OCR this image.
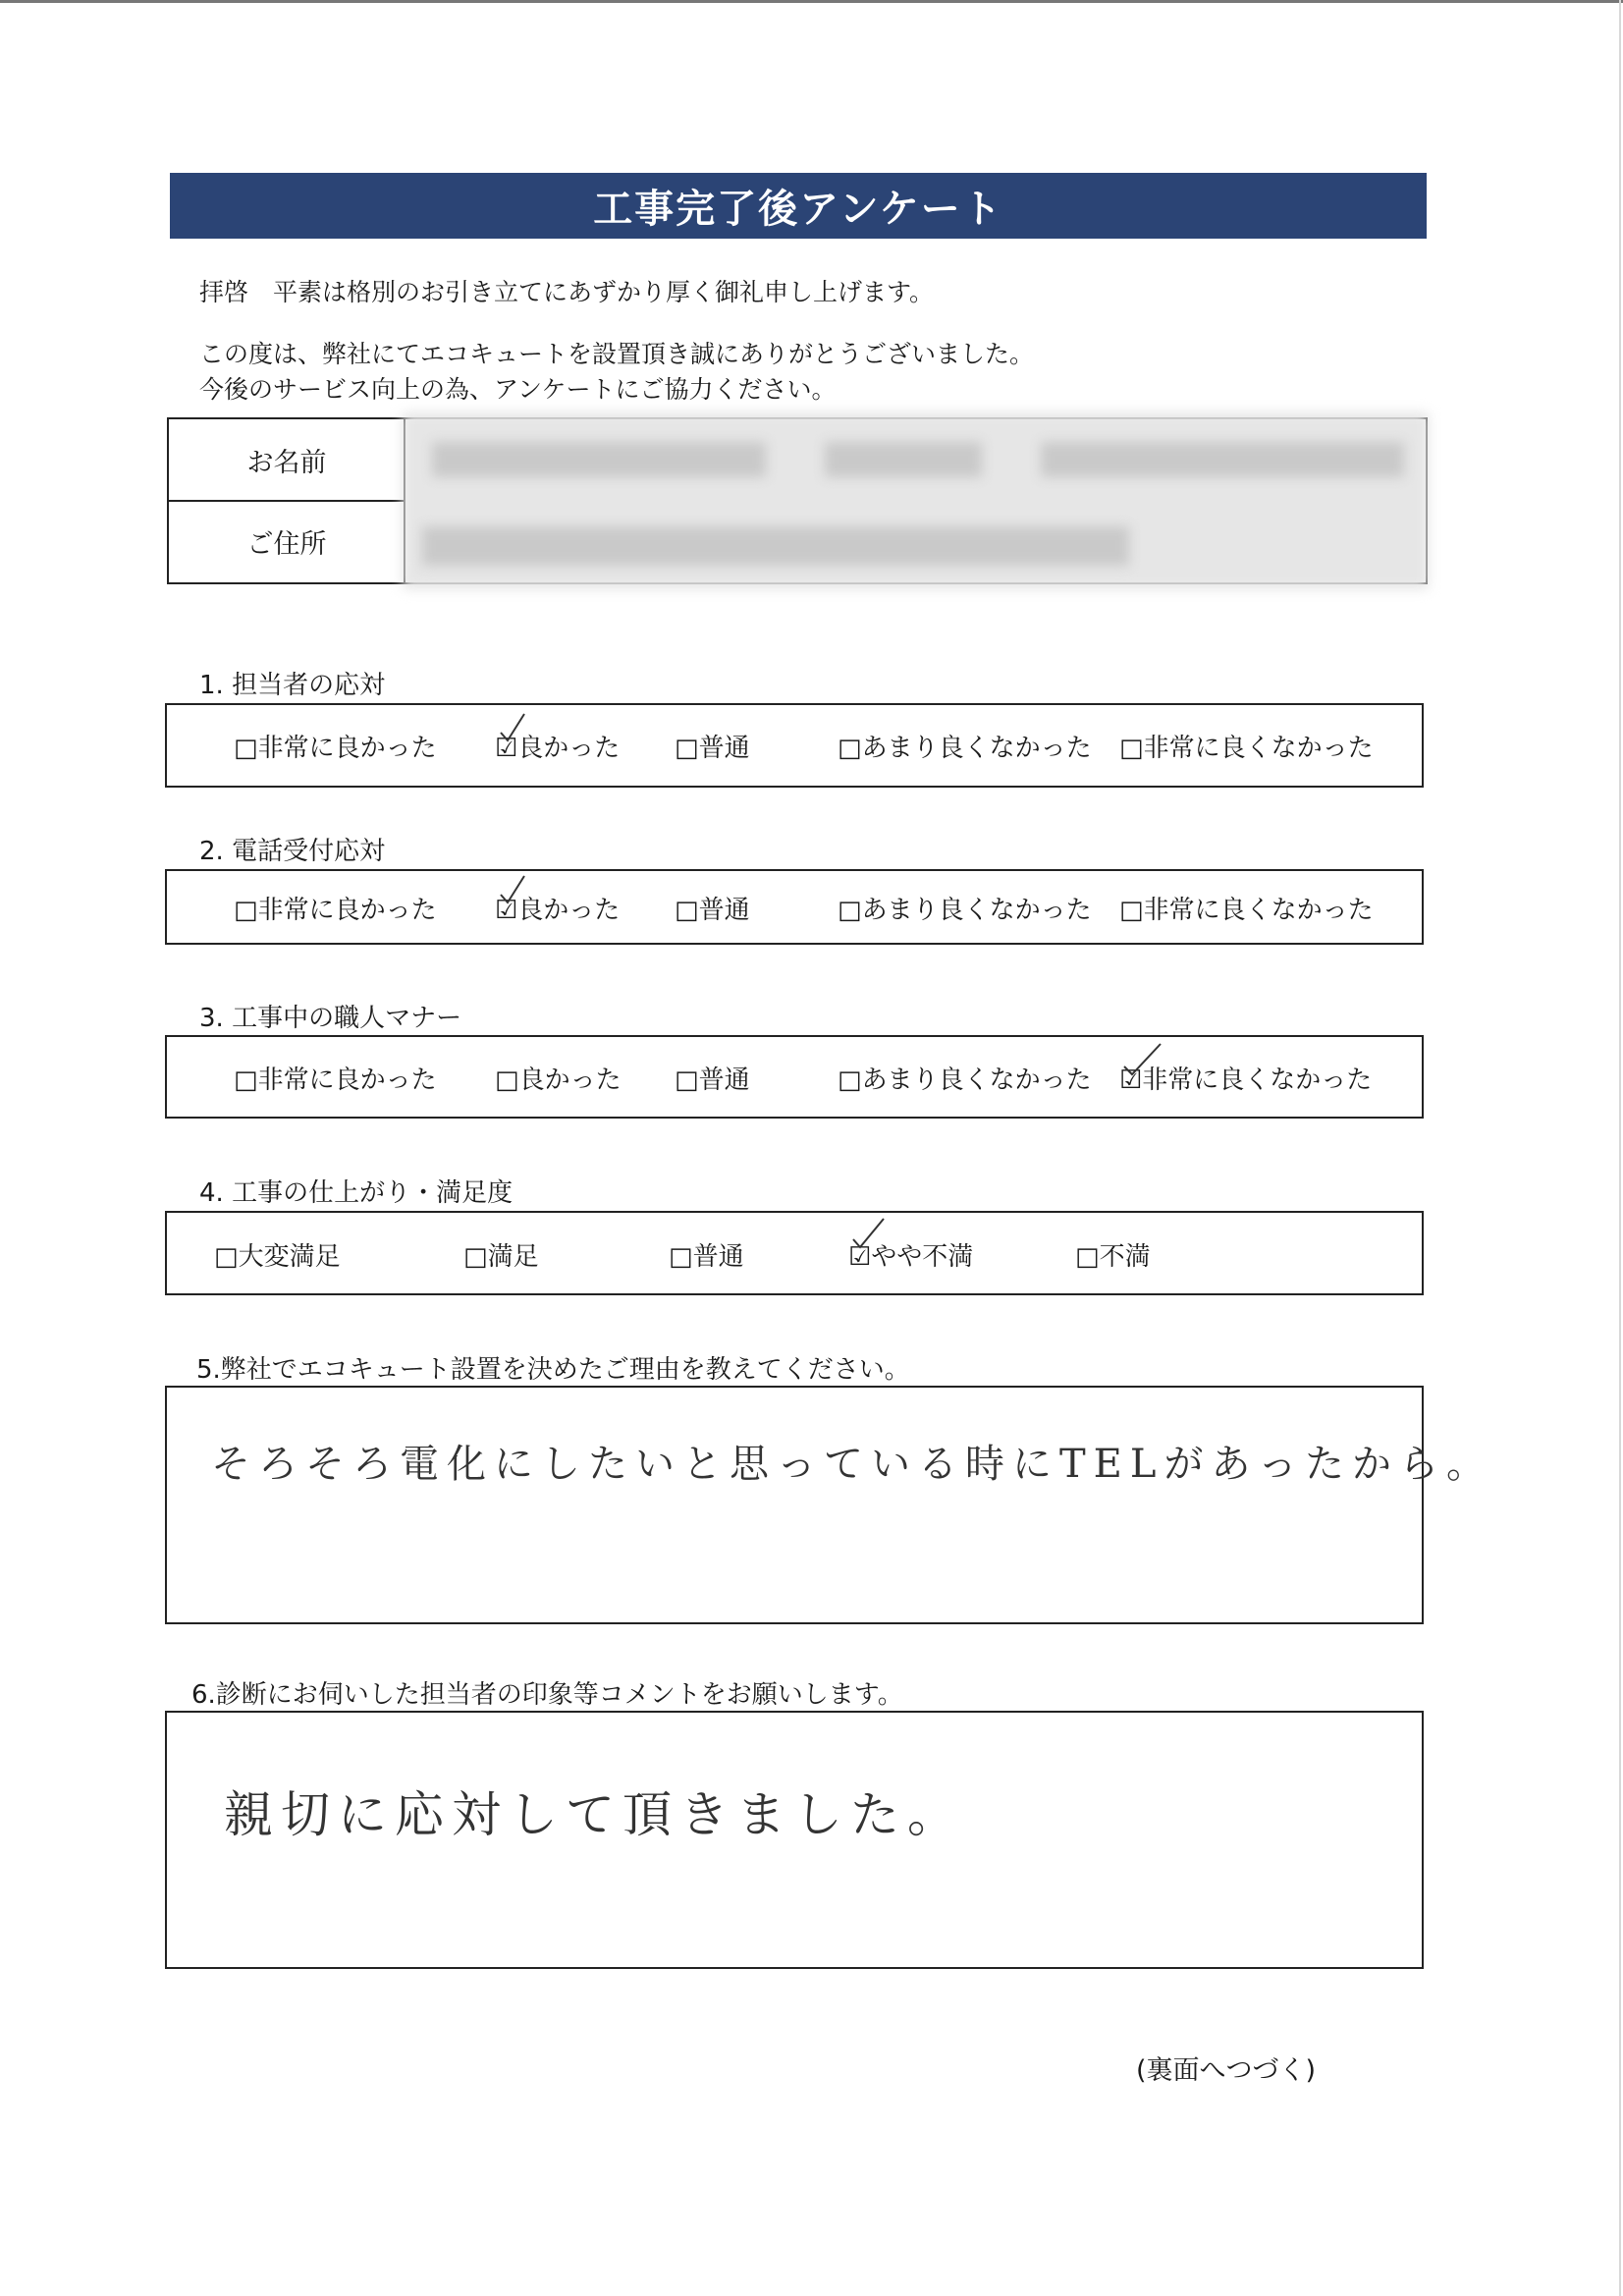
工事完了後アンケート
拝啓　平素は格別のお引き立てにあずかり厚く御礼申し上げます。
この度は、弊社にてエコキュートを設置頂き誠にありがとうございました。
今後のサービス向上の為、アンケートにご協力ください。
お名前
ご住所
1. 担当者の応対
□非常に良かった ☑良かった □普通	□あまり良くなかった □非常に良くなかった
2. 電話受付応対
□非常に良かった ☑良かった □普通	□あまり良くなかった □非常に良くなかった
3. 工事中の職人マナー
□非常に良かった □良かった □普通	□あまり良くなかった ☑非常に良くなかった
4. 工事の仕上がり・満足度
□大変満足	□満足	□普通	☑やや不満	□不満
5.弊社でエコキュート設置を決めたご理由を教えてください。
そろそろ電化にしたいと思っている時にTELがあったから。
6.診断にお伺いした担当者の印象等コメントをお願いします。
親切に応対して頂きました。
(裏面へつづく)
